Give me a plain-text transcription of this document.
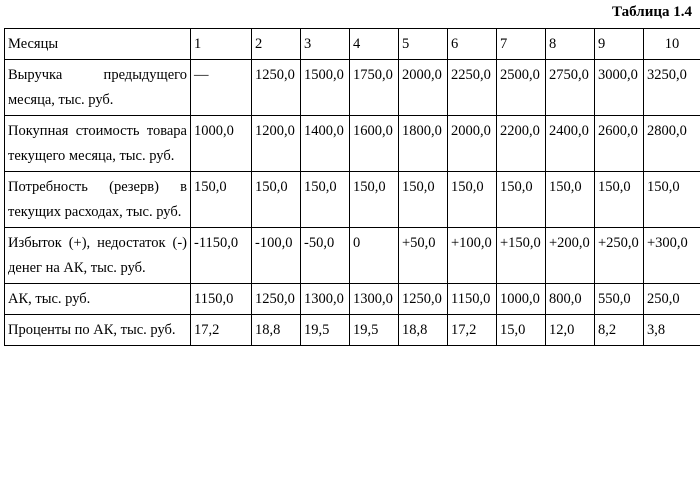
Таблица 1.4
Месяцы	1	2	3	4	5	6	7	8	9	10
Выручка предыдущего месяца, тыс. руб.	—	1250,0	1500,0	1750,0	2000,0	2250,0	2500,0	2750,0	3000,0	3250,0
Покупная стоимость товара текущего месяца, тыс. руб.	1000,0	1200,0	1400,0	1600,0	1800,0	2000,0	2200,0	2400,0	2600,0	2800,0
Потребность (резерв) в текущих расходах, тыс. руб.	150,0	150,0	150,0	150,0	150,0	150,0	150,0	150,0	150,0	150,0
Избыток (+), недостаток (-) денег на АК, тыс. руб.	-1150,0	-100,0	-50,0	0	+50,0	+100,0	+150,0	+200,0	+250,0	+300,0
АК, тыс. руб.	1150,0	1250,0	1300,0	1300,0	1250,0	1150,0	1000,0	800,0	550,0	250,0
Проценты по АК, тыс. руб.	17,2	18,8	19,5	19,5	18,8	17,2	15,0	12,0	8,2	3,8
